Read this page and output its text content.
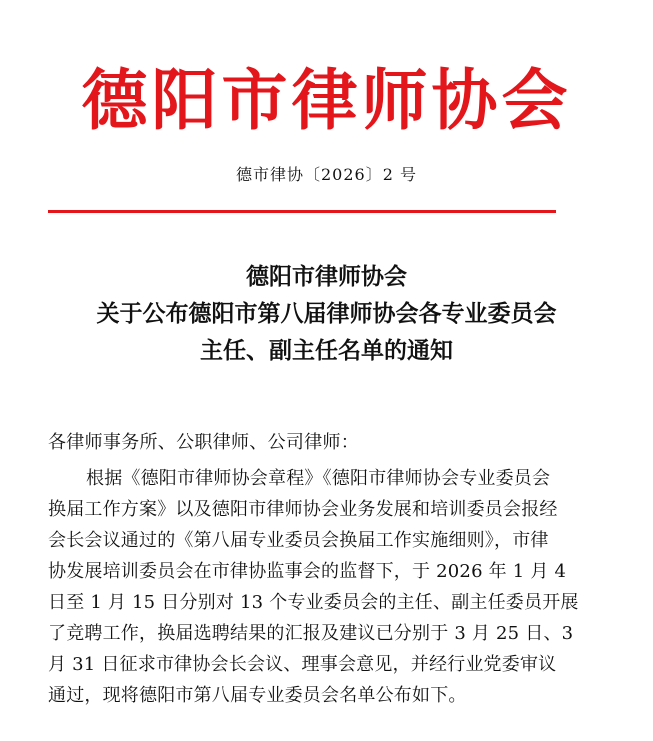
德阳市律师协会
德市律协〔2026〕2 号
德阳市律师协会
关于公布德阳市第八届律师协会各专业委员会
主任、副主任名单的通知
各律师事务所、公职律师、公司律师：
根据《德阳市律师协会章程》《德阳市律师协会专业委员会
换届工作方案》以及德阳市律师协会业务发展和培训委员会报经
会长会议通过的《第八届专业委员会换届工作实施细则》，市律
协发展培训委员会在市律协监事会的监督下，于 2026 年 1 月 4
日至 1 月 15 日分别对 13 个专业委员会的主任、副主任委员开展
了竞聘工作，换届选聘结果的汇报及建议已分别于 3 月 25 日、3
月 31 日征求市律协会长会议、理事会意见，并经行业党委审议
通过，现将德阳市第八届专业委员会名单公布如下。
